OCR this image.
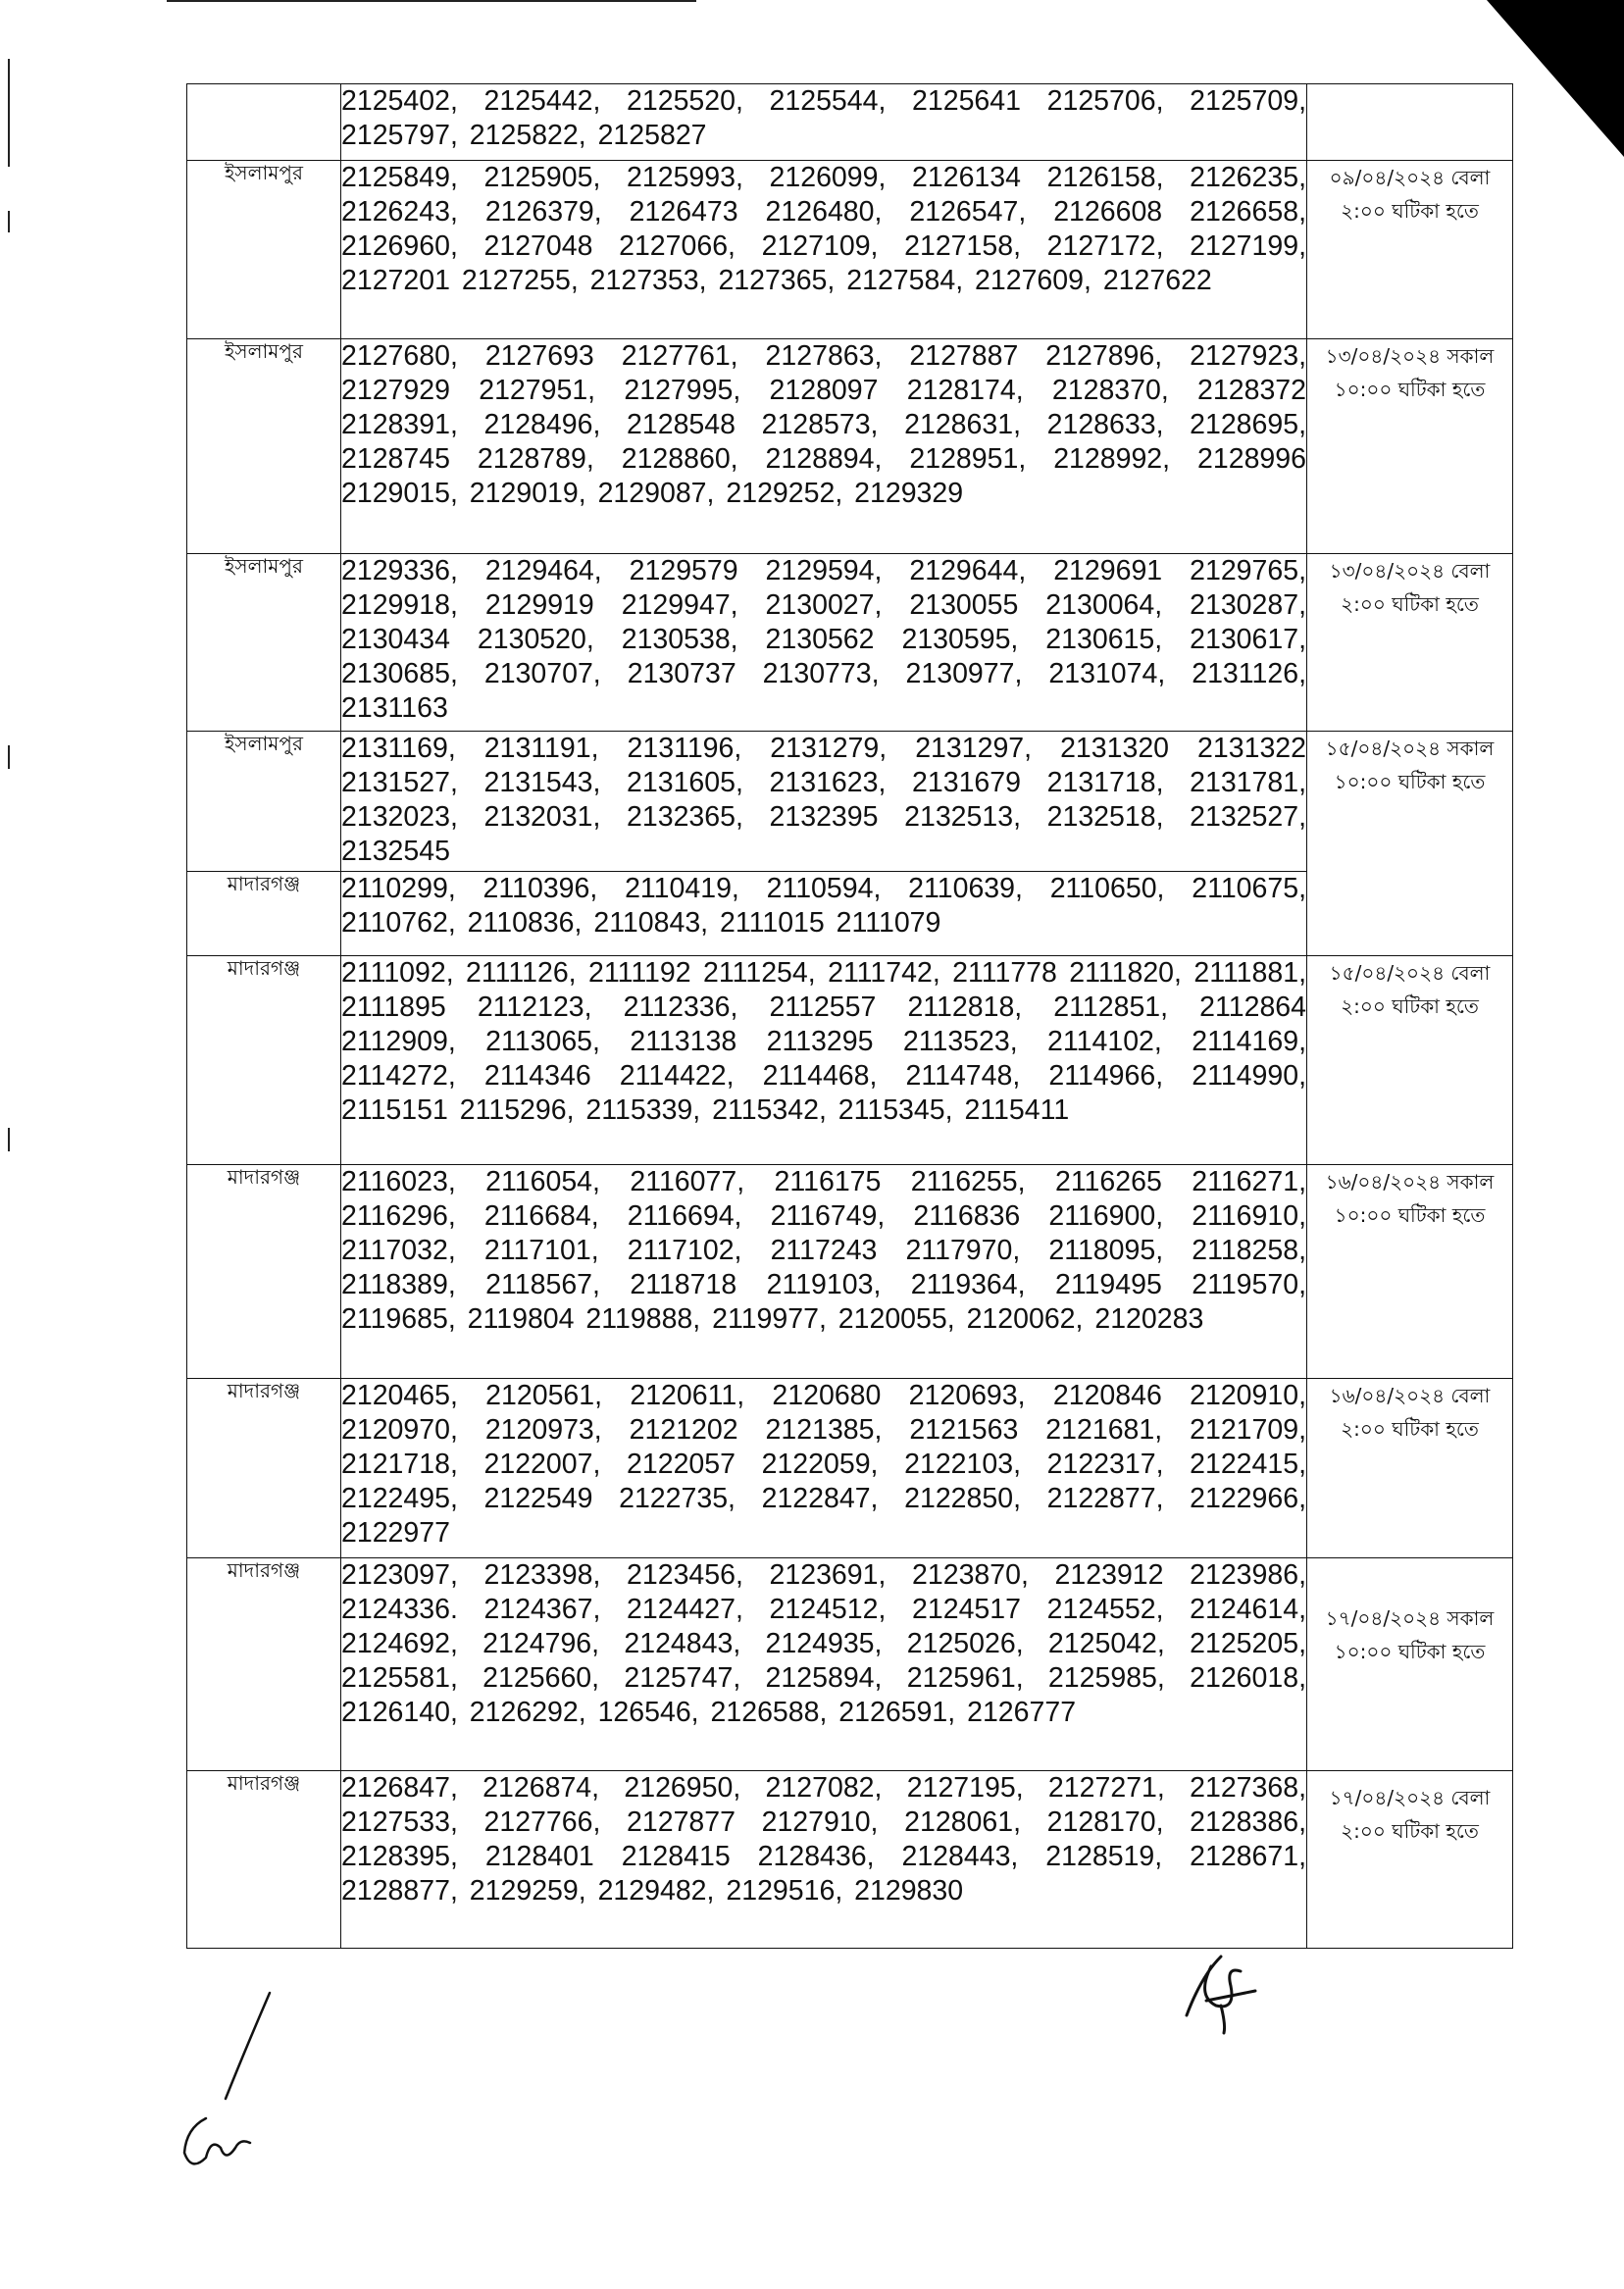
	2125402, 2125442, 2125520, 2125544, 2125641 2125706, 2125709, 2125797, 2125822, 2125827	
ইসলামপুর	2125849, 2125905, 2125993, 2126099, 2126134 2126158, 2126235, 2126243, 2126379, 2126473 2126480, 2126547, 2126608 2126658, 2126960, 2127048 2127066, 2127109, 2127158, 2127172, 2127199, 2127201 2127255, 2127353, 2127365, 2127584, 2127609, 2127622	০৯/০৪/২০২৪ বেলা ২:০০ ঘটিকা হতে
ইসলামপুর	2127680, 2127693 2127761, 2127863, 2127887 2127896, 2127923, 2127929 2127951, 2127995, 2128097 2128174, 2128370, 2128372 2128391, 2128496, 2128548 2128573, 2128631, 2128633, 2128695, 2128745 2128789, 2128860, 2128894, 2128951, 2128992, 2128996 2129015, 2129019, 2129087, 2129252, 2129329	১৩/০৪/২০২৪ সকাল ১০:০০ ঘটিকা হতে
ইসলামপুর	2129336, 2129464, 2129579 2129594, 2129644, 2129691 2129765, 2129918, 2129919 2129947, 2130027, 2130055 2130064, 2130287, 2130434 2130520, 2130538, 2130562 2130595, 2130615, 2130617, 2130685, 2130707, 2130737 2130773, 2130977, 2131074, 2131126, 2131163	১৩/০৪/২০২৪ বেলা ২:০০ ঘটিকা হতে
ইসলামপুর	2131169, 2131191, 2131196, 2131279, 2131297, 2131320 2131322 2131527, 2131543, 2131605, 2131623, 2131679 2131718, 2131781, 2132023, 2132031, 2132365, 2132395 2132513, 2132518, 2132527, 2132545	১৫/০৪/২০২৪ সকাল ১০:০০ ঘটিকা হতে
মাদারগঞ্জ	2110299, 2110396, 2110419, 2110594, 2110639, 2110650, 2110675, 2110762, 2110836, 2110843, 2111015 2111079	
মাদারগঞ্জ	2111092, 2111126, 2111192 2111254, 2111742, 2111778 2111820, 2111881, 2111895 2112123, 2112336, 2112557 2112818, 2112851, 2112864 2112909, 2113065, 2113138 2113295 2113523, 2114102, 2114169, 2114272, 2114346 2114422, 2114468, 2114748, 2114966, 2114990, 2115151 2115296, 2115339, 2115342, 2115345, 2115411	১৫/০৪/২০২৪ বেলা ২:০০ ঘটিকা হতে
মাদারগঞ্জ	2116023, 2116054, 2116077, 2116175 2116255, 2116265 2116271, 2116296, 2116684, 2116694, 2116749, 2116836 2116900, 2116910, 2117032, 2117101, 2117102, 2117243 2117970, 2118095, 2118258, 2118389, 2118567, 2118718 2119103, 2119364, 2119495 2119570, 2119685, 2119804 2119888, 2119977, 2120055, 2120062, 2120283	১৬/০৪/২০২৪ সকাল ১০:০০ ঘটিকা হতে
মাদারগঞ্জ	2120465, 2120561, 2120611, 2120680 2120693, 2120846 2120910, 2120970, 2120973, 2121202 2121385, 2121563 2121681, 2121709, 2121718, 2122007, 2122057 2122059, 2122103, 2122317, 2122415, 2122495, 2122549 2122735, 2122847, 2122850, 2122877, 2122966, 2122977	১৬/০৪/২০২৪ বেলা ২:০০ ঘটিকা হতে
মাদারগঞ্জ	2123097, 2123398, 2123456, 2123691, 2123870, 2123912 2123986, 2124336. 2124367, 2124427, 2124512, 2124517 2124552, 2124614, 2124692, 2124796, 2124843, 2124935, 2125026, 2125042, 2125205, 2125581, 2125660, 2125747, 2125894, 2125961, 2125985, 2126018, 2126140, 2126292, 126546, 2126588, 2126591, 2126777	১৭/০৪/২০২৪ সকাল ১০:০০ ঘটিকা হতে
মাদারগঞ্জ	2126847, 2126874, 2126950, 2127082, 2127195, 2127271, 2127368, 2127533, 2127766, 2127877 2127910, 2128061, 2128170, 2128386, 2128395, 2128401 2128415 2128436, 2128443, 2128519, 2128671, 2128877, 2129259, 2129482, 2129516, 2129830	১৭/০৪/২০২৪ বেলা ২:০০ ঘটিকা হতে
